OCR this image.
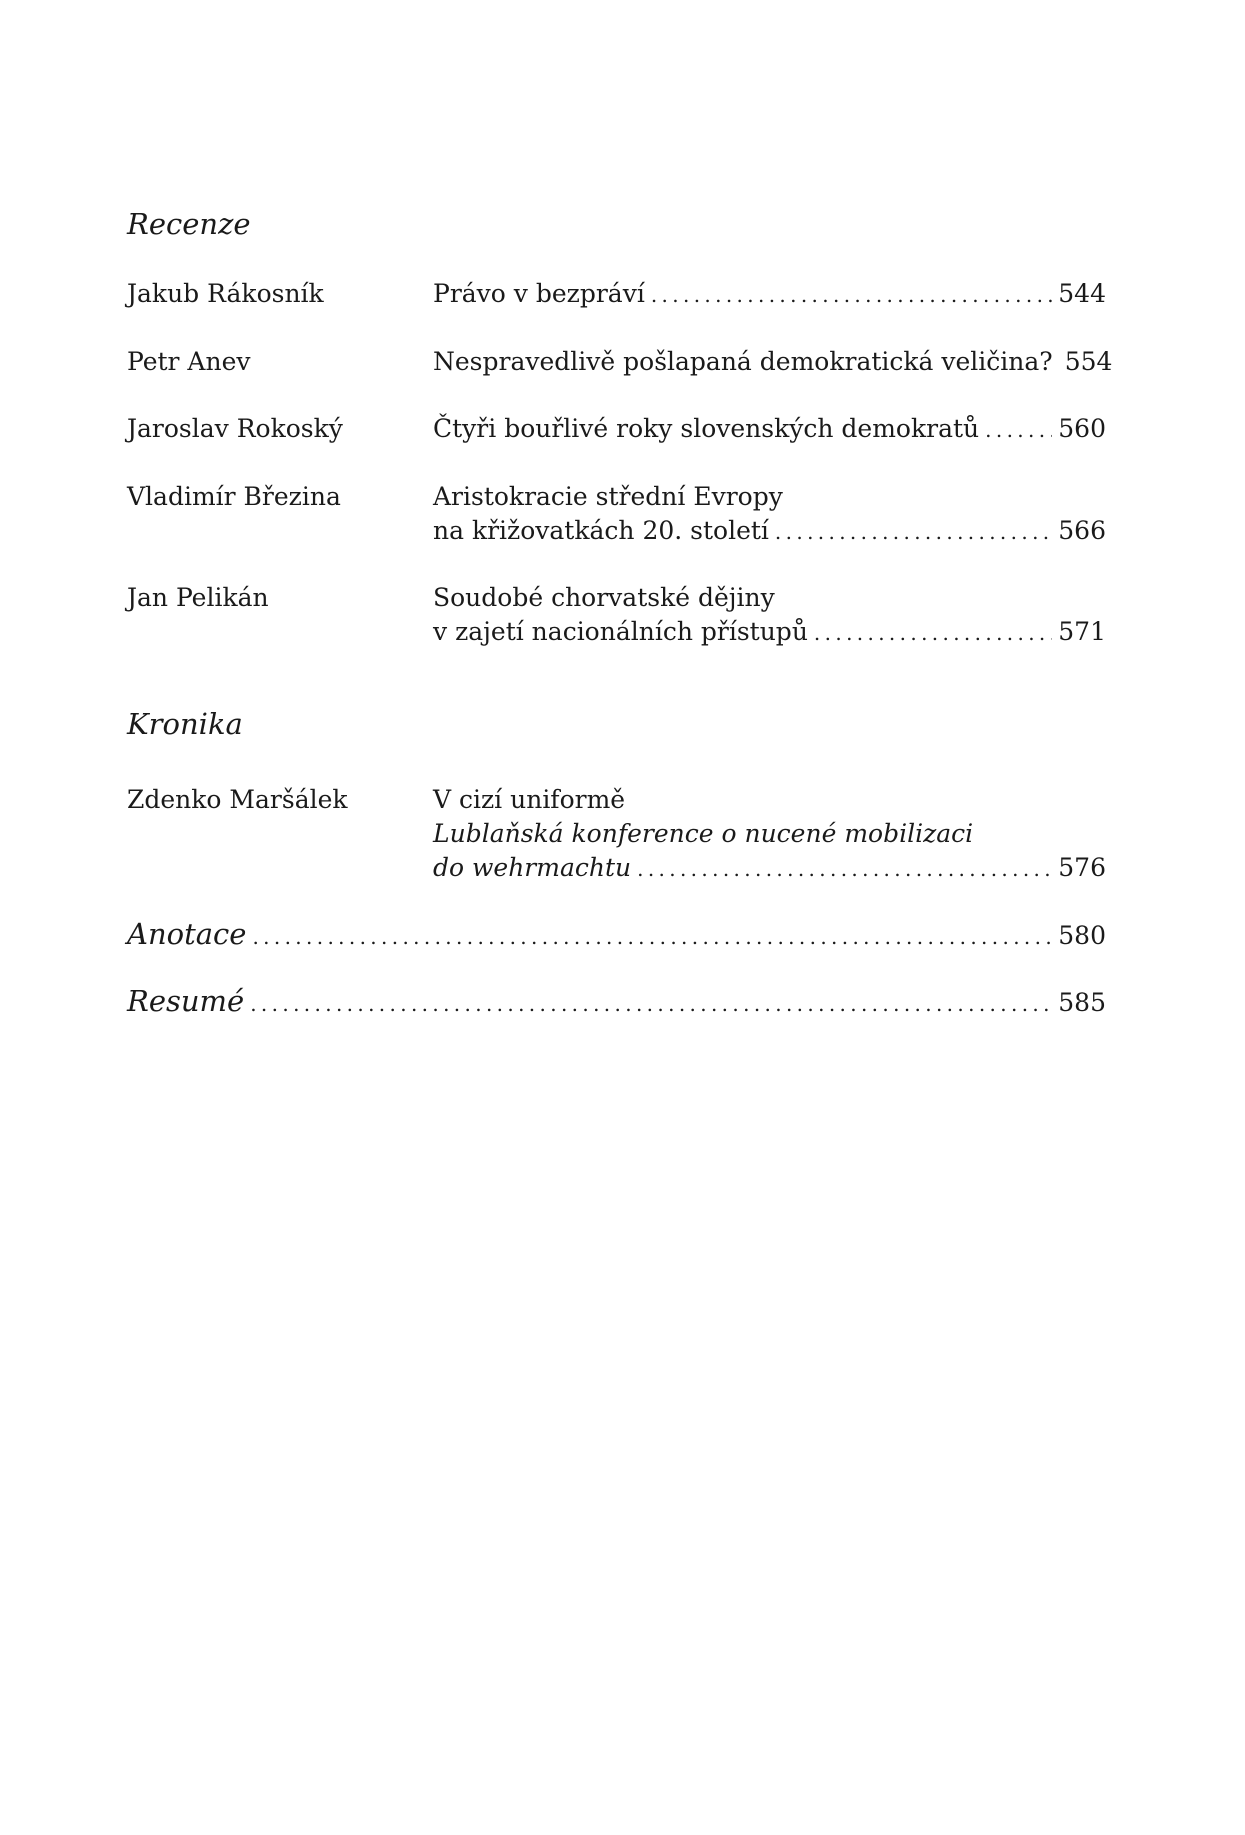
Recenze
Jakub Rákosník	Právo v bezpráví . . .	544
Petr Anev	Nespravedlivě pošlapaná demokratická veličina? 554
Jaroslav Rokoský	Čtyři bouřlivé roky slovenských demokratů . . .	560
Vladimír Březina	Aristokracie střední Evropy
na křižovatkách 20. století . . .	566
Jan Pelikán	Soudobé chorvatské dějiny
v zajetí nacionálních přístupů . . .	571
Kronika
Zdenko Maršálek	V cizí uniformě
Lublaňská konference o nucené mobilizaci
do wehrmachtu . . .	576
Anotace . . .	580
Resumé . . .	585
